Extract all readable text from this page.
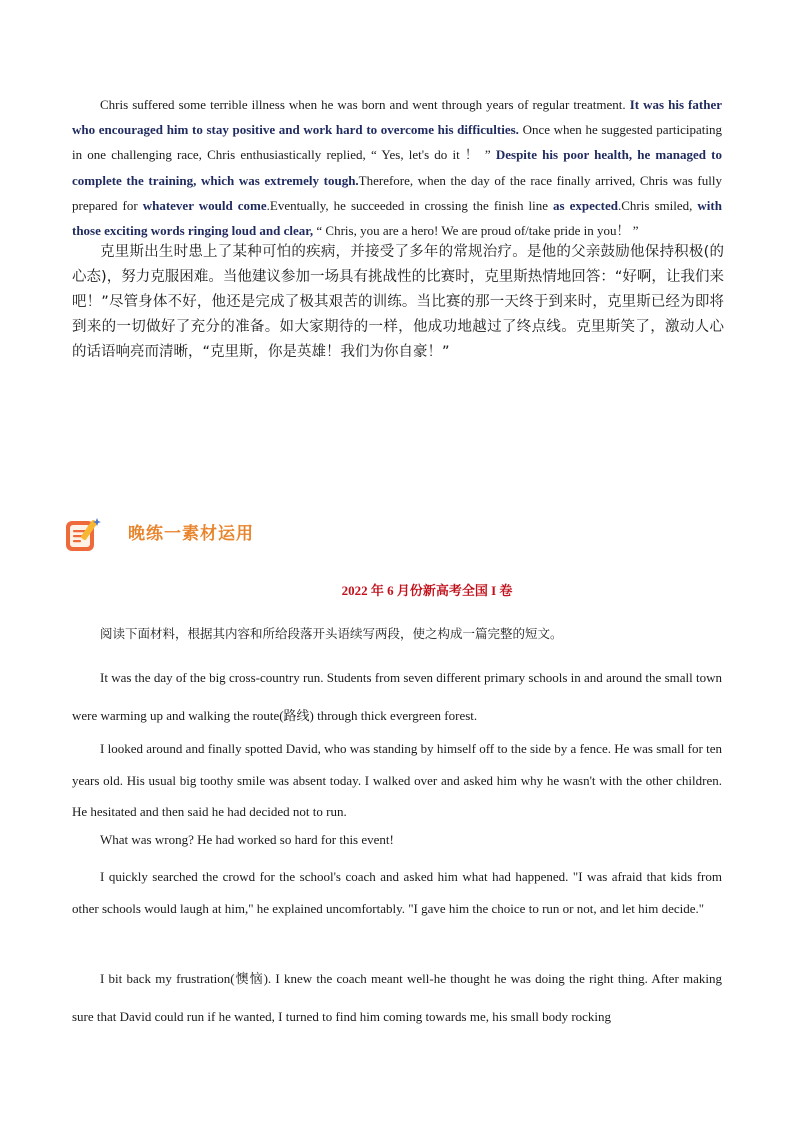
Chris suffered some terrible illness when he was born and went through years of regular treatment. It was his father who encouraged him to stay positive and work hard to overcome his difficulties. Once when he suggested participating in one challenging race, Chris enthusiastically replied, “ Yes, let's do it ！ ” Despite his poor health, he managed to complete the training, which was extremely tough.Therefore, when the day of the race finally arrived, Chris was fully prepared for whatever would come.Eventually, he succeeded in crossing the finish line as expected.Chris smiled, with those exciting words ringing loud and clear, “ Chris, you are a hero! We are proud of/take pride in you！ ”
克里斯出生时患上了某种可怕的疾病，并接受了多年的常规治疗。是他的父亲鼓励他保持积极(的心态)，努力克服困难。当他建议参加一场具有挑战性的比赛时，克里斯热情地回答：“好啊，让我们来吧！”尽管身体不好，他还是完成了极其艰苦的训练。当比赛的那一天终于到来时，克里斯已经为即将到来的一切做好了充分的准备。如大家期待的一样，他成功地越过了终点线。克里斯笑了，激动人心的话语响亮而清晰，“克里斯，你是英雄！我们为你自豪！”
晚练一素材运用
2022 年 6 月份新高考全国 I 卷
阅读下面材料，根据其内容和所给段落开头语续写两段，使之构成一篇完整的短文。
It was the day of the big cross-country run. Students from seven different primary schools in and around the small town were warming up and walking the route(路线) through thick evergreen forest.
I looked around and finally spotted David, who was standing by himself off to the side by a fence. He was small for ten years old. His usual big toothy smile was absent today. I walked over and asked him why he wasn't with the other children. He hesitated and then said he had decided not to run.
What was wrong? He had worked so hard for this event!
I quickly searched the crowd for the school's coach and asked him what had happened. "I was afraid that kids from other schools would laugh at him," he explained uncomfortably. "I gave him the choice to run or not, and let him decide."
I bit back my frustration(懊恼). I knew the coach meant well-he thought he was doing the right thing. After making sure that David could run if he wanted, I turned to find him coming towards me, his small body rocking
